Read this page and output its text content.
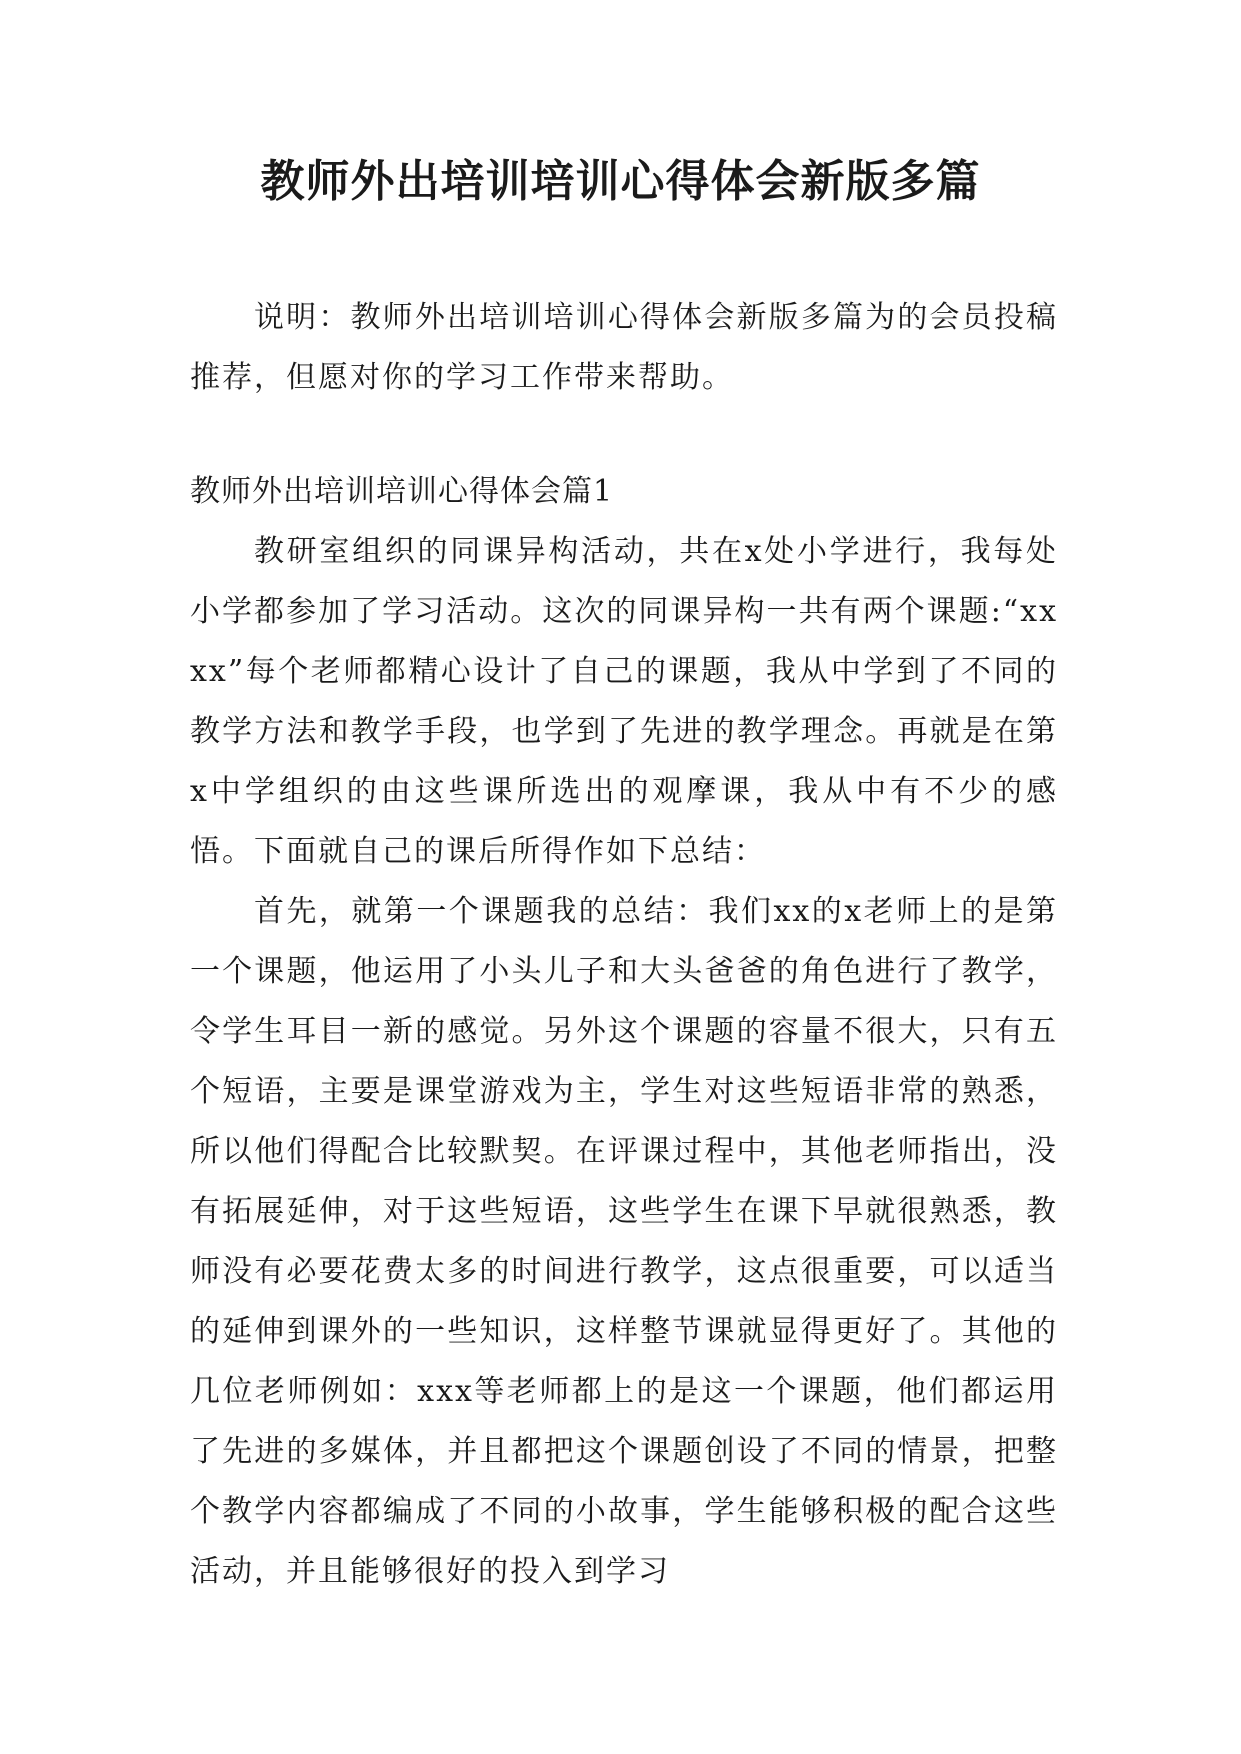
教师外出培训培训心得体会新版多篇

说明：教师外出培训培训心得体会新版多篇为的会员投稿推荐，但愿对你的学习工作带来帮助。

教师外出培训培训心得体会篇1

教研室组织的同课异构活动，共在x处小学进行，我每处小学都参加了学习活动。这次的同课异构一共有两个课题:“xxxx”每个老师都精心设计了自己的课题，我从中学到了不同的教学方法和教学手段，也学到了先进的教学理念。再就是在第x中学组织的由这些课所选出的观摩课，我从中有不少的感悟。下面就自己的课后所得作如下总结：

首先，就第一个课题我的总结：我们xx的x老师上的是第一个课题，他运用了小头儿子和大头爸爸的角色进行了教学，令学生耳目一新的感觉。另外这个课题的容量不很大，只有五个短语，主要是课堂游戏为主，学生对这些短语非常的熟悉，所以他们得配合比较默契。在评课过程中，其他老师指出，没有拓展延伸，对于这些短语，这些学生在课下早就很熟悉，教师没有必要花费太多的时间进行教学，这点很重要，可以适当的延伸到课外的一些知识，这样整节课就显得更好了。其他的几位老师例如：xxx等老师都上的是这一个课题，他们都运用了先进的多媒体，并且都把这个课题创设了不同的情景，把整个教学内容都编成了不同的小故事，学生能够积极的配合这些活动，并且能够很好的投入到学习
